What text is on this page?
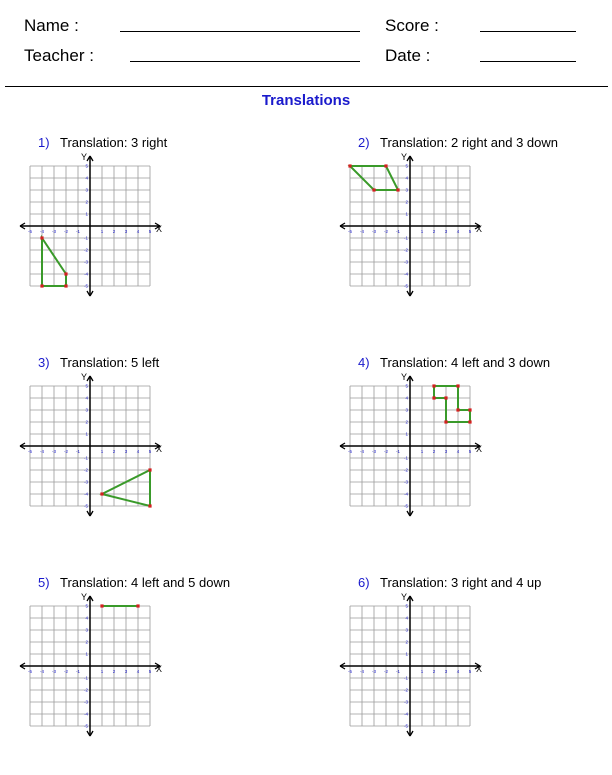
Name :	Score :
Teacher :	Date :
Translations
1) Translation: 3 right
X
Y
-5
-5
-4
-4
-3
-3
-2
-2
-1
-1
1
1
2
2
3
3
4
4
5
5
2) Translation: 2 right and 3 down
X
Y
-5
-5
-4
-4
-3
-3
-2
-2
-1
-1
1
1
2
2
3
3
4
4
5
5
3) Translation: 5 left
X
Y
-5
-5
-4
-4
-3
-3
-2
-2
-1
-1
1
1
2
2
3
3
4
4
5
5
4) Translation: 4 left and 3 down
X
Y
-5
-5
-4
-4
-3
-3
-2
-2
-1
-1
1
1
2
2
3
3
4
4
5
5
5) Translation: 4 left and 5 down
X
Y
-5
-5
-4
-4
-3
-3
-2
-2
-1
-1
1
1
2
2
3
3
4
4
5
5
6) Translation: 3 right and 4 up
X
Y
-5
-5
-4
-4
-3
-3
-2
-2
-1
-1
1
1
2
2
3
3
4
4
5
5
